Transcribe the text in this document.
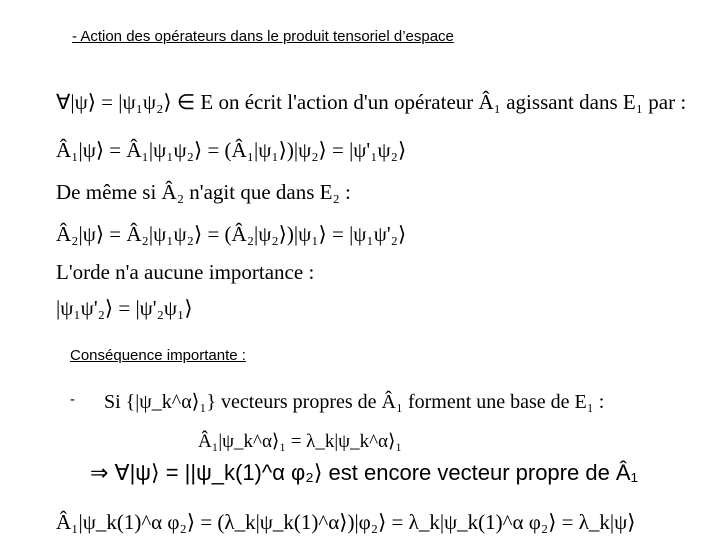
- Action des opérateurs dans le produit tensoriel d’espace
∀|ψ⟩ = |ψ₁ψ₂⟩ ∈ E on écrit l'action d'un opérateur Â₁ agissant dans E₁ par :
Â₁|ψ⟩ = Â₁|ψ₁ψ₂⟩ = (Â₁|ψ₁⟩)|ψ₂⟩ = |ψ'₁ψ₂⟩
De même si Â₂ n'agit que dans E₂ :
Â₂|ψ⟩ = Â₂|ψ₁ψ₂⟩ = (Â₂|ψ₂⟩)|ψ₁⟩ = |ψ₁ψ'₂⟩
L'orde n'a aucune importance :
|ψ₁ψ'₂⟩ = |ψ'₂ψ₁⟩
Conséquence importante :
- Si {|ψ_k^α⟩₁} vecteurs propres de Â₁ forment une base de E₁ :
Â₁|ψ_k^α⟩₁ = λ_k|ψ_k^α⟩₁
⇒ ∀|ψ⟩ = ||ψ_k(1)^α φ₂⟩ est encore vecteur propre de Â₁
Â₁|ψ_k(1)^α φ₂⟩ = (λ_k|ψ_k(1)^α⟩)|φ₂⟩ = λ_k|ψ_k(1)^α φ₂⟩ = λ_k|ψ⟩
